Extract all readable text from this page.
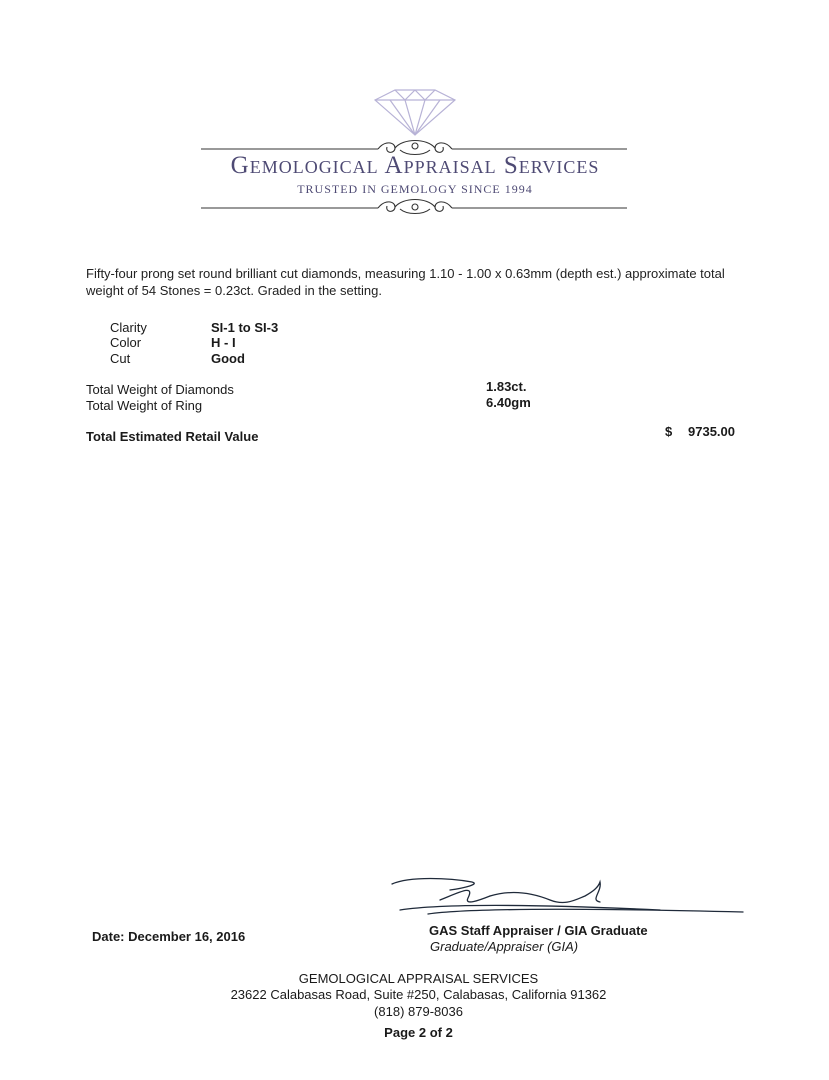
Gemological Appraisal Services
TRUSTED IN GEMOLOGY SINCE 1994
Fifty-four prong set round brilliant cut diamonds, measuring 1.10 - 1.00 x 0.63mm (depth est.) approximate total weight of 54 Stones = 0.23ct. Graded in the setting.
Clarity	SI-1 to SI-3
Color	H - I
Cut	Good
Total Weight of Diamonds	1.83ct.
Total Weight of Ring	6.40gm
Total Estimated Retail Value	$ 9735.00
Date: December 16, 2016	GAS Staff Appraiser / GIA Graduate
Graduate/Appraiser (GIA)
GEMOLOGICAL APPRAISAL SERVICES
23622 Calabasas Road, Suite #250, Calabasas, California 91362
(818) 879-8036
Page 2 of 2
